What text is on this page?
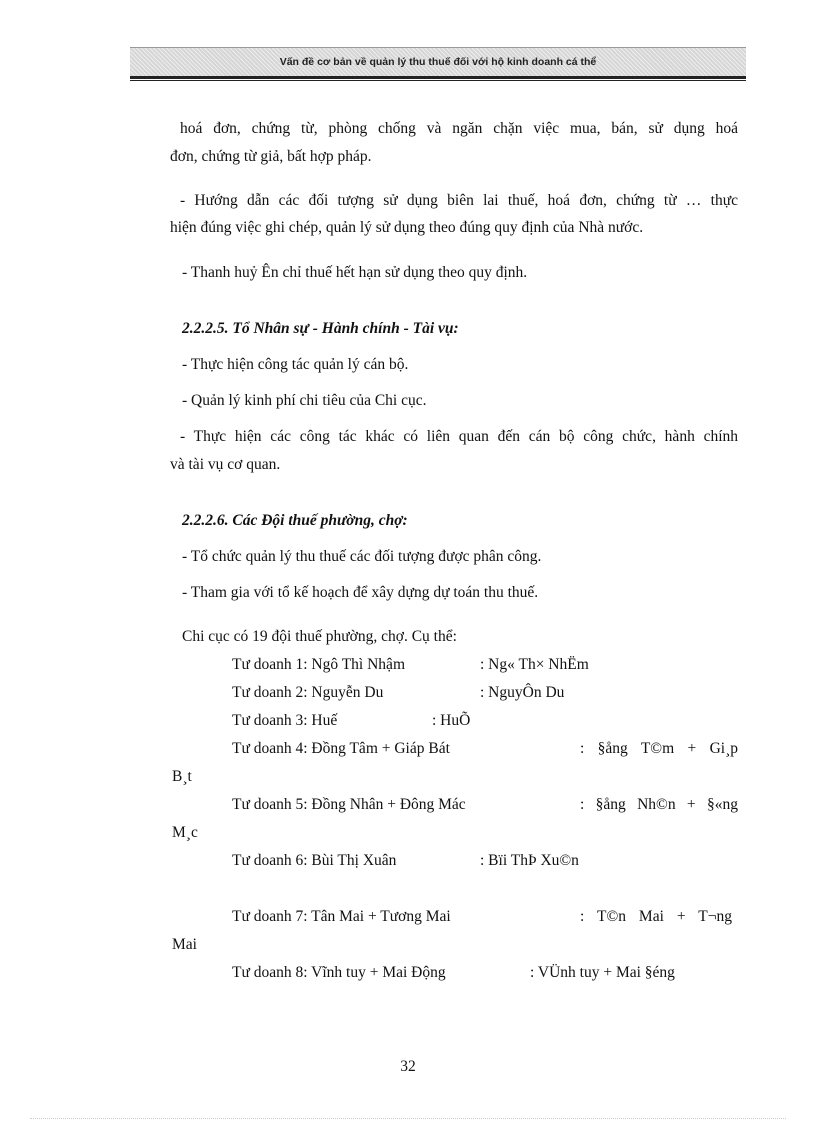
Vấn đề cơ bản về quản lý thu thuế đối với hộ kinh doanh cá thể
hoá đơn, chứng từ, phòng chống và ngăn chặn việc mua, bán, sử dụng hoá
đơn, chứng từ giả, bất hợp pháp.
- Hướng dẫn các đối tượng sử dụng biên lai thuế, hoá đơn, chứng từ … thực
hiện đúng việc ghi chép, quản lý sử dụng theo đúng quy định của Nhà nước.
- Thanh huỷ Ên chỉ thuế hết hạn sử dụng theo quy định.
2.2.2.5. Tổ Nhân sự - Hành chính - Tài vụ:
- Thực hiện công tác quản lý cán bộ.
- Quản lý kinh phí chi tiêu của Chi cục.
- Thực hiện các công tác khác có liên quan đến cán bộ công chức, hành chính
và tài vụ cơ quan.
2.2.2.6. Các Đội thuế phường, chợ:
- Tổ chức quản lý thu thuế các đối tượng được phân công.
- Tham gia với tổ kế hoạch để xây dựng dự toán thu thuế.
Chi cục có 19 đội thuế phường, chợ. Cụ thể:
Tư doanh 1: Ngô Thì Nhậm	: Ng« Th× NhËm
Tư doanh 2: Nguyễn Du	: NguyÔn Du
Tư doanh 3: Huế	: HuÕ
Tư doanh 4: Đồng Tâm + Giáp Bát	: §ång T©m + Gi¸p
B¸t
Tư doanh 5: Đồng Nhân + Đông Mác	: §ång Nh©n + §«ng
M¸c
Tư doanh 6: Bùi Thị Xuân	: Bïi ThÞ Xu©n
Tư doanh 7: Tân Mai + Tương Mai	: T©n Mai + T¬ng
Mai
Tư doanh 8: Vĩnh tuy + Mai Động	: VÜnh tuy + Mai §éng
32
